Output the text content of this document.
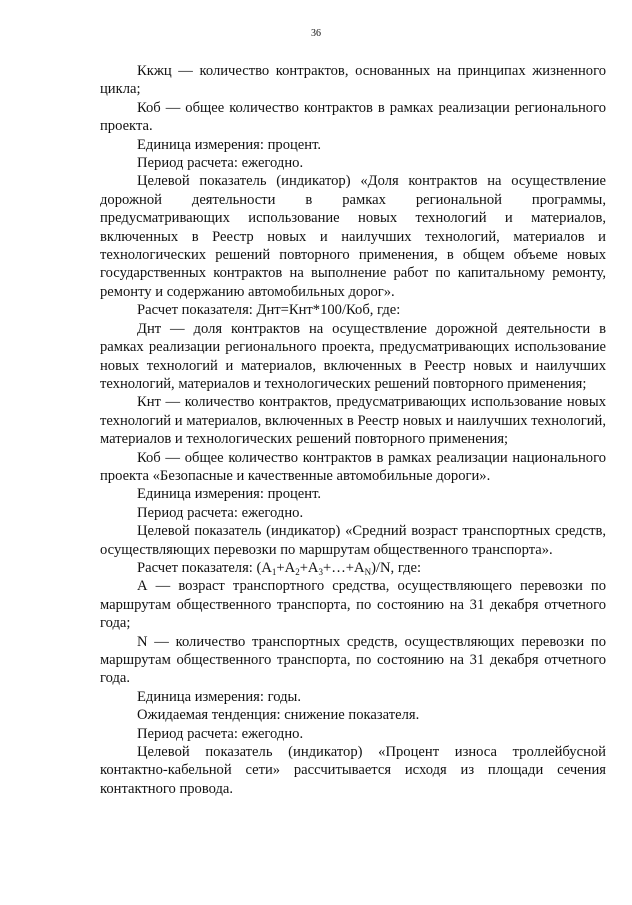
36

Ккжц — количество контрактов, основанных на принципах жизненного цикла;

Коб — общее количество контрактов в рамках реализации регионального проекта.

Единица измерения: процент.

Период расчета: ежегодно.

Целевой показатель (индикатор) «Доля контрактов на осуществление дорожной деятельности в рамках региональной программы, предусматривающих использование новых технологий и материалов, включенных в Реестр новых и наилучших технологий, материалов и технологических решений повторного применения, в общем объеме новых государственных контрактов на выполнение работ по капитальному ремонту, ремонту и содержанию автомобильных дорог».

Расчет показателя: Днт=Кнт*100/Коб, где:

Днт — доля контрактов на осуществление дорожной деятельности в рамках реализации регионального проекта, предусматривающих использование новых технологий и материалов, включенных в Реестр новых и наилучших технологий, материалов и технологических решений повторного применения;

Кнт — количество контрактов, предусматривающих использование новых технологий и материалов, включенных в Реестр новых и наилучших технологий, материалов и технологических решений повторного применения;

Коб — общее количество контрактов в рамках реализации национального проекта «Безопасные и качественные автомобильные дороги».

Единица измерения: процент.

Период расчета: ежегодно.

Целевой показатель (индикатор) «Средний возраст транспортных средств, осуществляющих перевозки по маршрутам общественного транспорта».

Расчет показателя: $(A_1+A_2+A_3+\dots+A_N)/N$, где:

А — возраст транспортного средства, осуществляющего перевозки по маршрутам общественного транспорта, по состоянию на 31 декабря отчетного года;

N — количество транспортных средств, осуществляющих перевозки по маршрутам общественного транспорта, по состоянию на 31 декабря отчетного года.

Единица измерения: годы.

Ожидаемая тенденция: снижение показателя.

Период расчета: ежегодно.

Целевой показатель (индикатор) «Процент износа троллейбусной контактно-кабельной сети» рассчитывается исходя из площади сечения контактного провода.
